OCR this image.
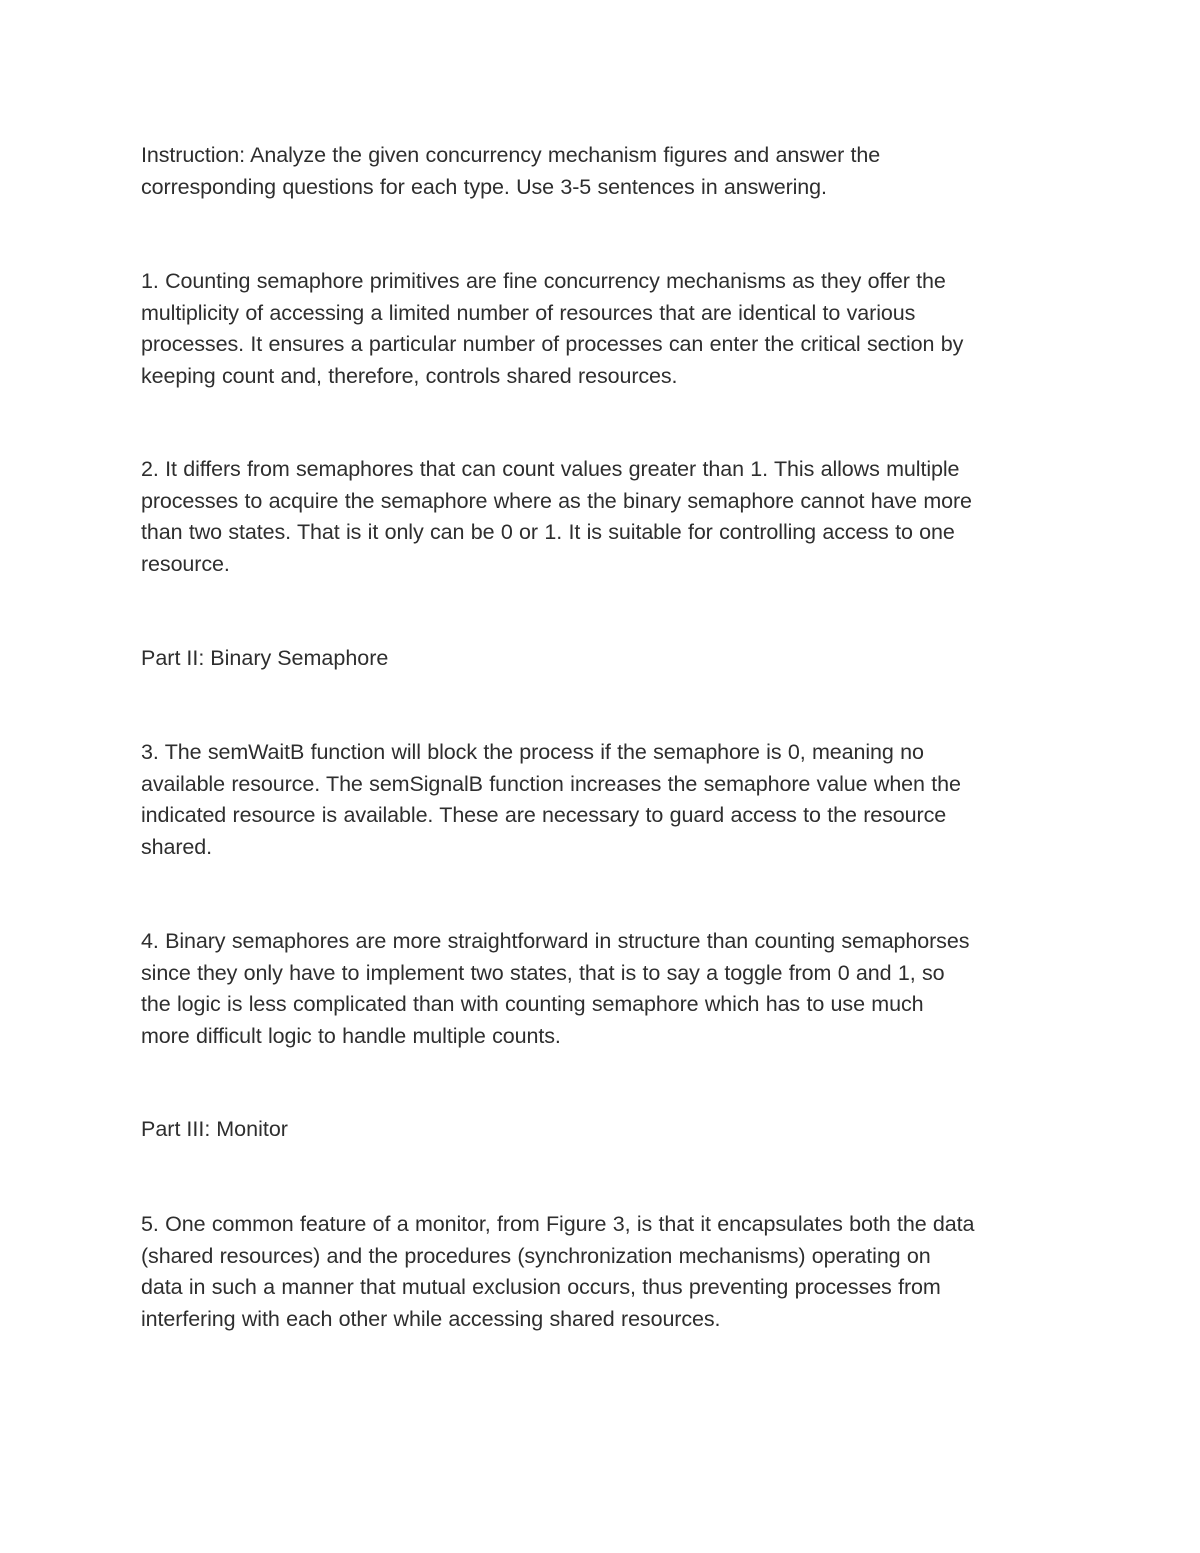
Instruction: Analyze the given concurrency mechanism figures and answer the
corresponding questions for each type. Use 3-5 sentences in answering.

1. Counting semaphore primitives are fine concurrency mechanisms as they offer the
multiplicity of accessing a limited number of resources that are identical to various
processes. It ensures a particular number of processes can enter the critical section by
keeping count and, therefore, controls shared resources.

2. It differs from semaphores that can count values greater than 1. This allows multiple
processes to acquire the semaphore where as the binary semaphore cannot have more
than two states. That is it only can be 0 or 1. It is suitable for controlling access to one
resource.

Part II: Binary Semaphore

3. The semWaitB function will block the process if the semaphore is 0, meaning no
available resource. The semSignalB function increases the semaphore value when the
indicated resource is available. These are necessary to guard access to the resource
shared.

4. Binary semaphores are more straightforward in structure than counting semaphorses
since they only have to implement two states, that is to say a toggle from 0 and 1, so
the logic is less complicated than with counting semaphore which has to use much
more difficult logic to handle multiple counts.

Part III: Monitor

5. One common feature of a monitor, from Figure 3, is that it encapsulates both the data
(shared resources) and the procedures (synchronization mechanisms) operating on
data in such a manner that mutual exclusion occurs, thus preventing processes from
interfering with each other while accessing shared resources.
